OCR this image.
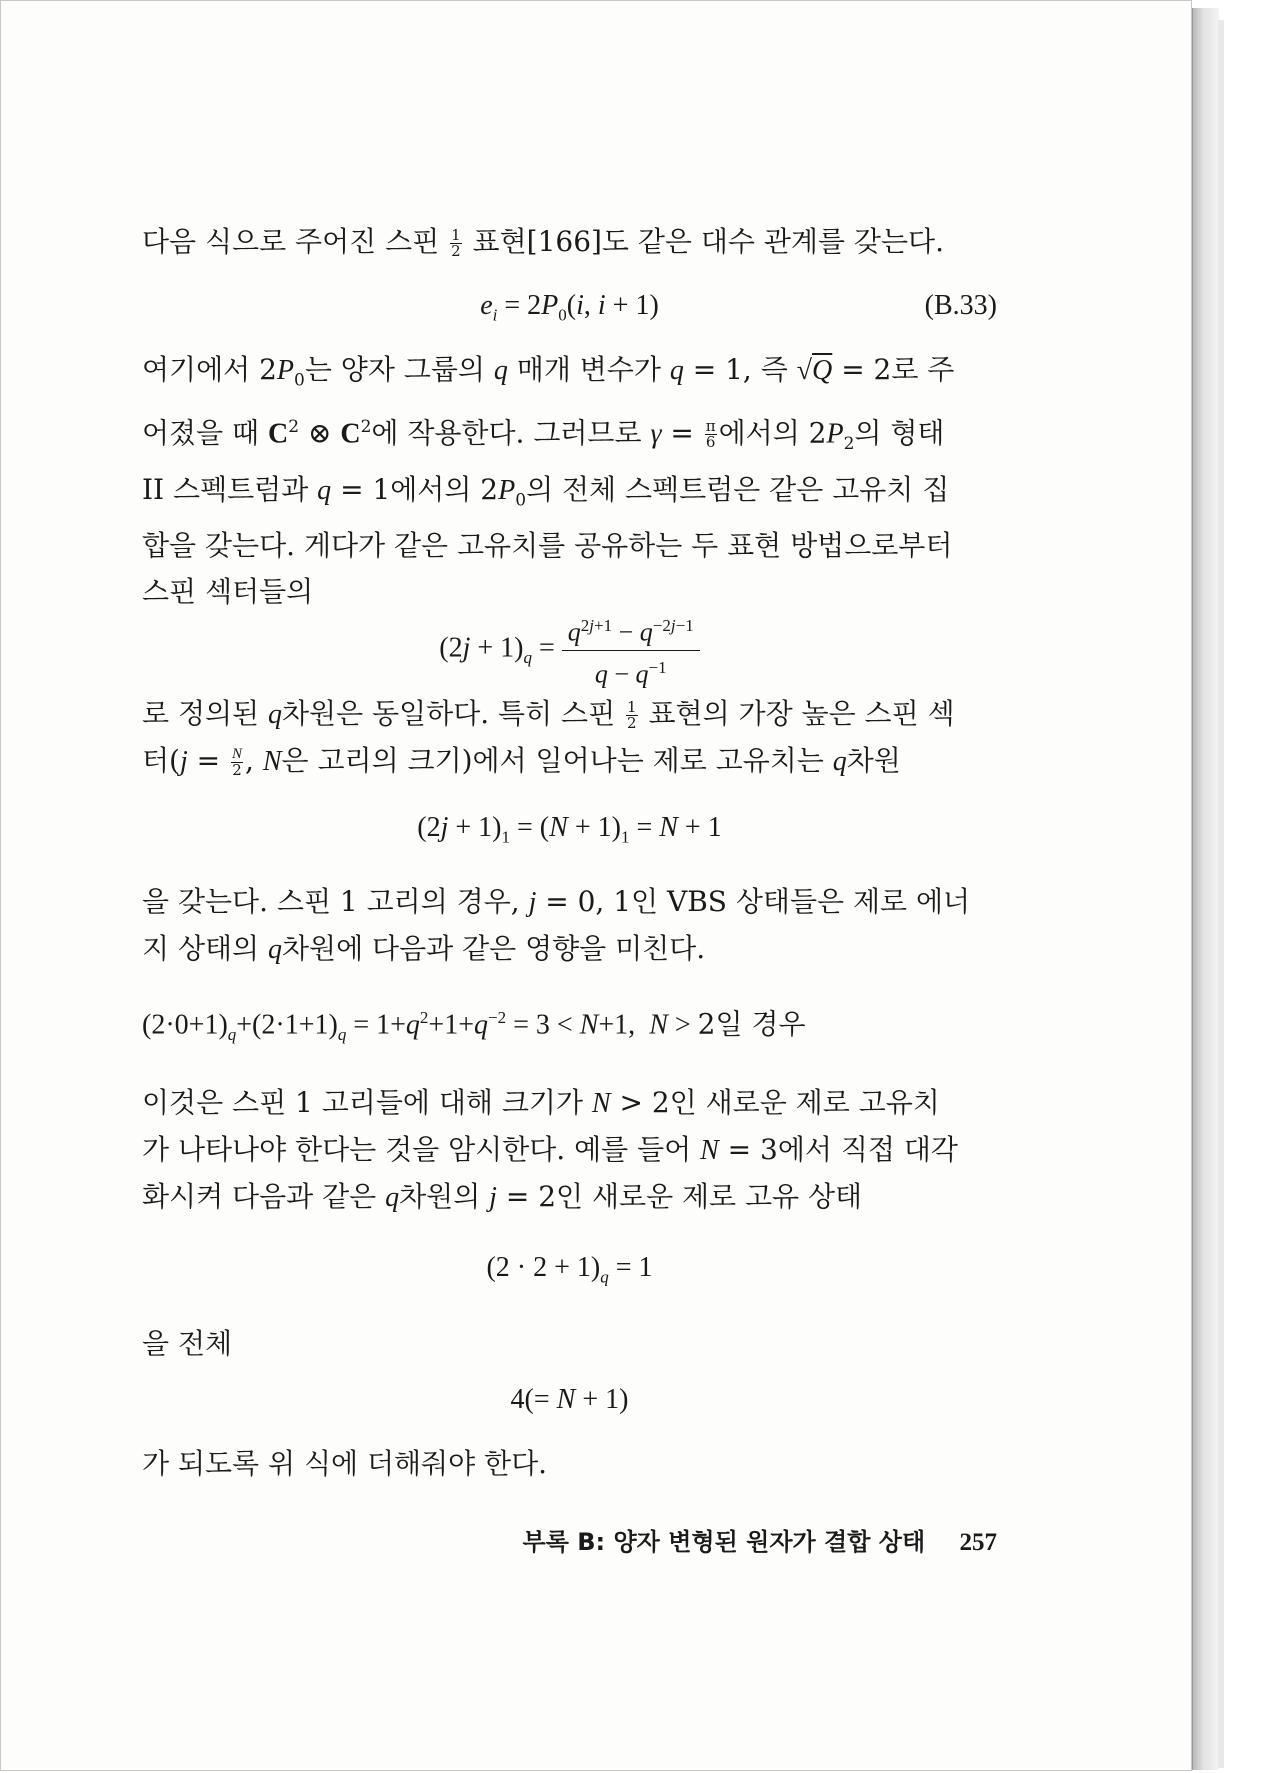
다음 식으로 주어진 스핀 $\frac{1}{2}$ 표현[166]도 같은 대수 관계를 갖는다.

$e_i = 2P_0(i$, i + 1)	(B.33)

여기에서 $2P_0$는 양자 그룹의 q 매개 변수가 q = 1, 즉 √Q = 2로 주
어졌을 때 $C^2$ ⊗ $C^2$에 작용한다. 그러므로 $\gamma = \frac{\pi}{6}$ 에서의 $2P_2$의 형태
II 스펙트럼과 q = 1에서의 $2P_0$의 전체 스펙트럼은 같은 고유치 집
합을 갖는다. 게다가 같은 고유치를 공유하는 두 표현 방법으로부터
스핀 섹터들의

$(2j + 1)_q = \frac{q^{2j+1} - q^{-2j-1}}{q - q^{-1}}$

로 정의된 q차원은 동일하다. 특히 스핀 $\frac{1}{2}$ 표현의 가장 높은 스핀 섹
터($j = \frac{N}{2}$ , N은 고리의 크기)에서 일어나는 제로 고유치는 q차원

$(2j + 1)_1 = (N + 1)_1 = N + 1$

을 갖는다. 스핀 1 고리의 경우, j = 0, 1인 VBS 상태들은 제로 에너
지 상태의 q차원에 다음과 같은 영향을 미친다.

$(2\cdot 0+1)_q+(2\cdot 1+1)_q = 1+q^2+1+q^{-2} = 3 < N+1$,  N > 2일 경우

이것은 스핀 1 고리들에 대해 크기가 N > 2인 새로운 제로 고유치
가 나타나야 한다는 것을 암시한다. 예를 들어 N = 3에서 직접 대각
화시켜 다음과 같은 q차원의 j = 2인 새로운 제로 고유 상태

$(2 \cdot 2 + 1)_q = 1$

을 전체

4(= N + 1)

가 되도록 위 식에 더해줘야 한다.

부록 B: 양자 변형된 원자가 결합 상태 257
